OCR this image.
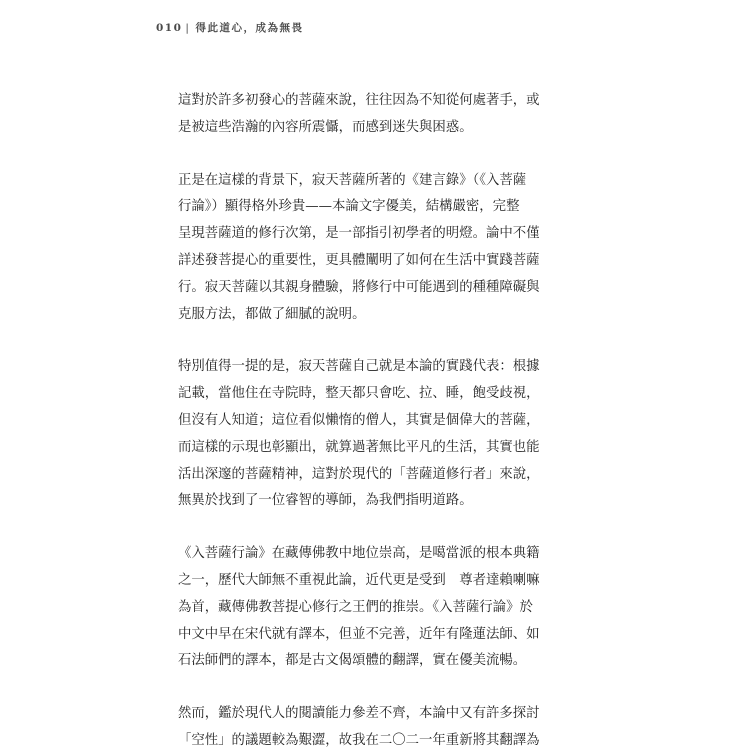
010 | 得此道心，成為無畏
這對於許多初發心的菩薩來說，往往因為不知從何處著手，或
是被這些浩瀚的內容所震懾，而感到迷失與困惑。
正是在這樣的背景下，寂天菩薩所著的《建言錄》（《入菩薩
行論》）顯得格外珍貴——本論文字優美，結構嚴密，完整
呈現菩薩道的修行次第，是一部指引初學者的明燈。論中不僅
詳述發菩提心的重要性，更具體闡明了如何在生活中實踐菩薩
行。寂天菩薩以其親身體驗，將修行中可能遇到的種種障礙與
克服方法，都做了細膩的說明。
特別值得一提的是，寂天菩薩自己就是本論的實踐代表：根據
記載，當他住在寺院時，整天都只會吃、拉、睡，飽受歧視，
但沒有人知道；這位看似懶惰的僧人，其實是個偉大的菩薩，
而這樣的示現也彰顯出，就算過著無比平凡的生活，其實也能
活出深邃的菩薩精神，這對於現代的「菩薩道修行者」來說，
無異於找到了一位睿智的導師，為我們指明道路。
《入菩薩行論》在藏傳佛教中地位崇高，是噶當派的根本典籍
之一，歷代大師無不重視此論，近代更是受到　尊者達賴喇嘛
為首，藏傳佛教菩提心修行之王們的推崇。《入菩薩行論》於
中文中早在宋代就有譯本，但並不完善，近年有隆蓮法師、如
石法師們的譯本，都是古文偈頌體的翻譯，實在優美流暢。
然而，鑑於現代人的閱讀能力參差不齊，本論中又有許多探討
「空性」的議題較為艱澀，故我在二〇二一年重新將其翻譯為
